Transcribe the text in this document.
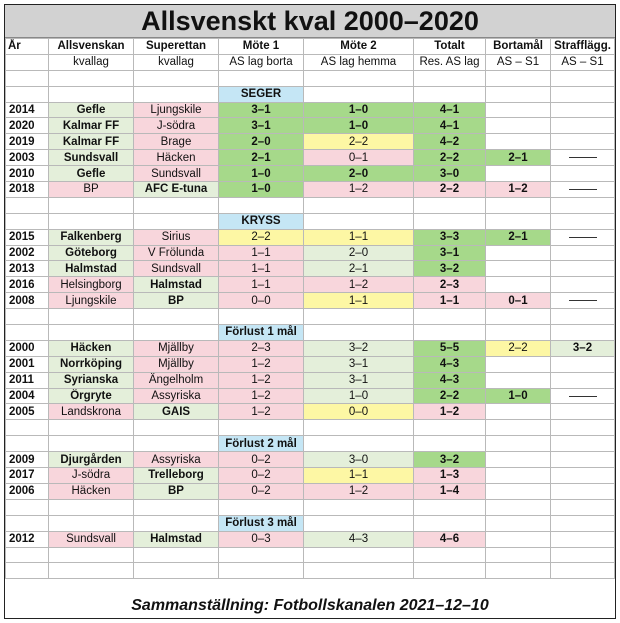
Allsvenskt kval 2000–2020
År	Allsvenskan	Superettan	Möte 1	Möte 2	Totalt	Bortamål	Strafflägg.
	kvallag	kvallag	AS lag borta	AS lag hemma	Res. AS lag	AS – S1	AS – S1

			SEGER				
2014	Gefle	Ljungskile	3–1	1–0	4–1		
2020	Kalmar FF	J-södra	3–1	1–0	4–1		
2019	Kalmar FF	Brage	2–0	2–2	4–2		
2003	Sundsvall	Häcken	2–1	0–1	2–2	2–1	
2010	Gefle	Sundsvall	1–0	2–0	3–0		
2018	BP	AFC E-tuna	1–0	1–2	2–2	1–2	

			KRYSS				
2015	Falkenberg	Sirius	2–2	1–1	3–3	2–1	
2002	Göteborg	V Frölunda	1–1	2–0	3–1		
2013	Halmstad	Sundsvall	1–1	2–1	3–2		
2016	Helsingborg	Halmstad	1–1	1–2	2–3		
2008	Ljungskile	BP	0–0	1–1	1–1	0–1	

			Förlust 1 mål				
2000	Häcken	Mjällby	2–3	3–2	5–5	2–2	3–2
2001	Norrköping	Mjällby	1–2	3–1	4–3		
2011	Syrianska	Ängelholm	1–2	3–1	4–3		
2004	Örgryte	Assyriska	1–2	1–0	2–2	1–0	
2005	Landskrona	GAIS	1–2	0–0	1–2		

			Förlust 2 mål				
2009	Djurgården	Assyriska	0–2	3–0	3–2		
2017	J-södra	Trelleborg	0–2	1–1	1–3		
2006	Häcken	BP	0–2	1–2	1–4		

			Förlust 3 mål				
2012	Sundsvall	Halmstad	0–3	4–3	4–6		

Sammanställning: Fotbollskanalen 2021–12–10
